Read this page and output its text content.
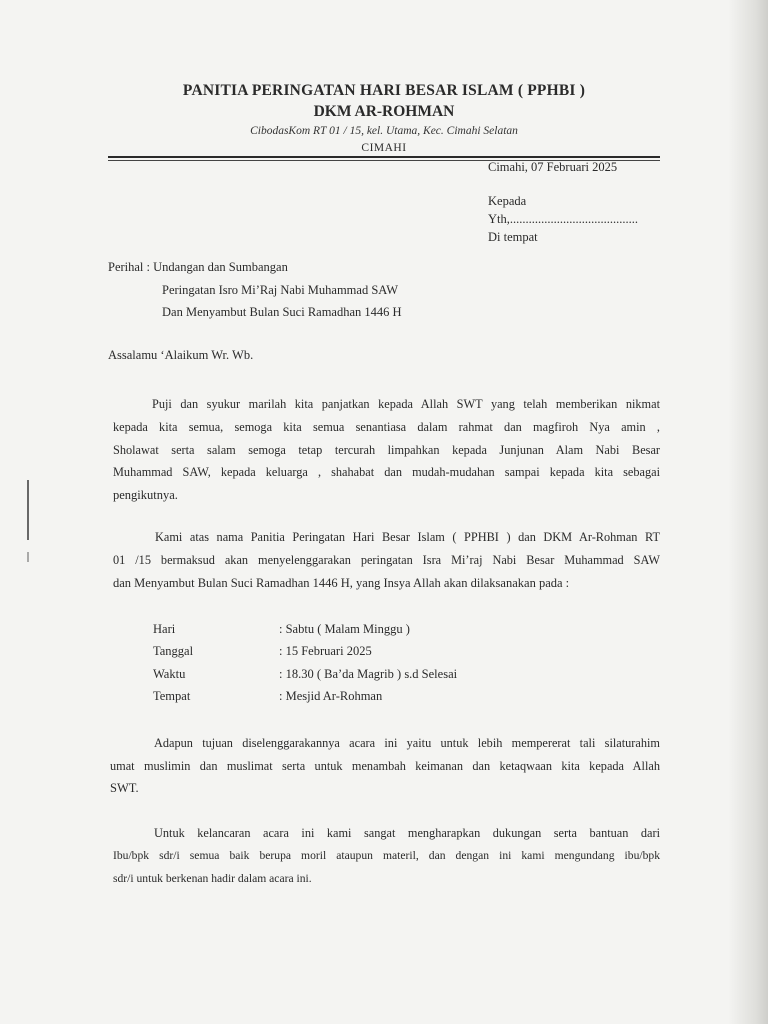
PANITIA PERINGATAN HARI BESAR ISLAM ( PPHBI )
DKM AR-ROHMAN
CibodasKom RT 01 / 15, kel. Utama, Kec. Cimahi Selatan
CIMAHI
Cimahi, 07 Februari 2025
Kepada
Yth,.........................................
Di tempat
Perihal : Undangan dan Sumbangan
Peringatan Isro Mi’Raj Nabi Muhammad SAW
Dan Menyambut Bulan Suci Ramadhan 1446 H
Assalamu ‘Alaikum Wr. Wb.
Puji dan syukur marilah kita panjatkan kepada Allah SWT yang telah memberikan nikmat
kepada kita semua, semoga kita semua senantiasa dalam rahmat dan magfiroh Nya amin ,
Sholawat serta salam semoga tetap tercurah limpahkan kepada Junjunan Alam Nabi Besar
Muhammad SAW, kepada keluarga , shahabat dan mudah-mudahan sampai kepada kita sebagai
pengikutnya.
Kami atas nama Panitia Peringatan Hari Besar Islam ( PPHBI ) dan DKM Ar-Rohman RT
01 /15 bermaksud akan menyelenggarakan peringatan Isra Mi’raj Nabi Besar Muhammad SAW
dan Menyambut Bulan Suci Ramadhan 1446 H, yang Insya Allah akan dilaksanakan pada :
Hari	: Sabtu ( Malam Minggu )
Tanggal	: 15 Februari 2025
Waktu	: 18.30 ( Ba’da Magrib ) s.d Selesai
Tempat	: Mesjid Ar-Rohman
Adapun tujuan diselenggarakannya acara ini yaitu untuk lebih mempererat tali silaturahim
umat muslimin dan muslimat serta untuk menambah keimanan dan ketaqwaan kita kepada Allah
SWT.
Untuk kelancaran acara ini kami sangat mengharapkan dukungan serta bantuan dari
Ibu/bpk sdr/i semua baik berupa moril ataupun materil, dan dengan ini kami mengundang ibu/bpk
sdr/i untuk berkenan hadir dalam acara ini.
